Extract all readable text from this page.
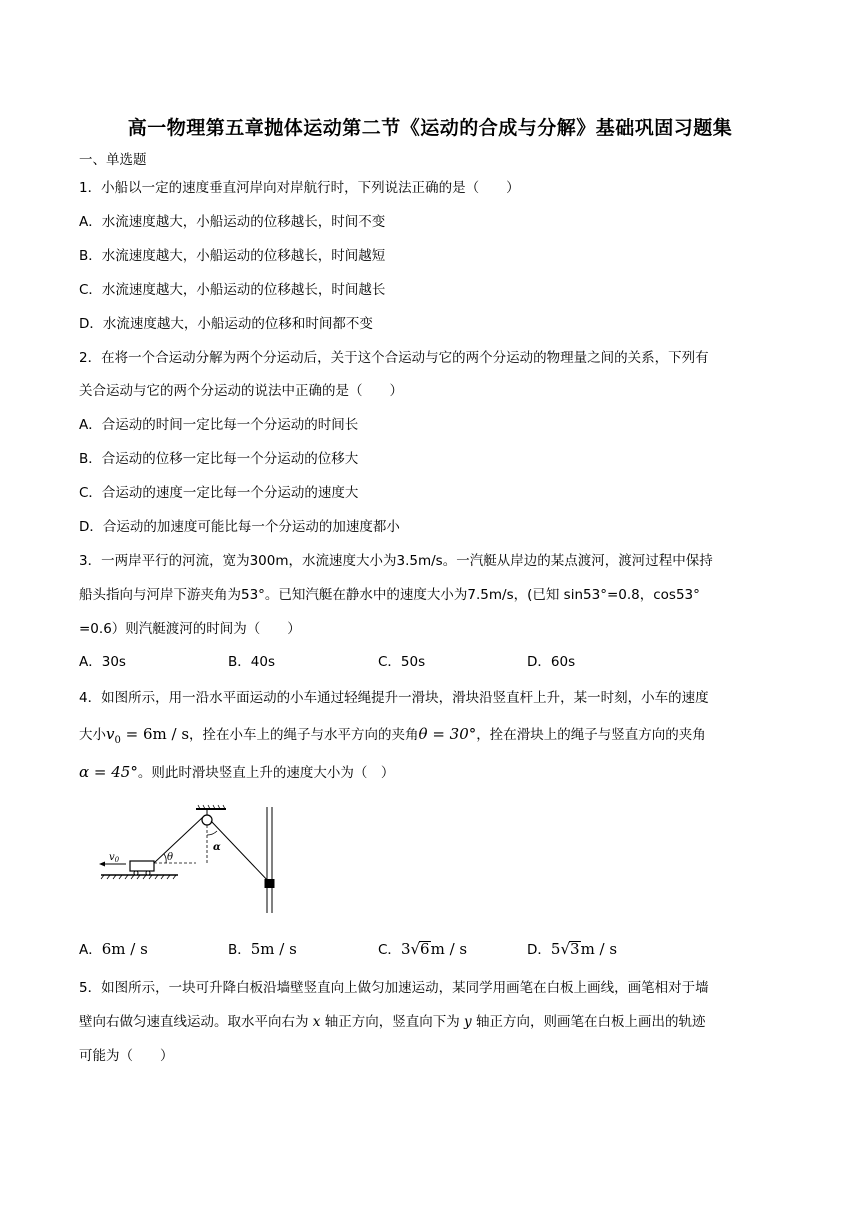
高一物理第五章抛体运动第二节《运动的合成与分解》基础巩固习题集
一、单选题
1．小船以一定的速度垂直河岸向对岸航行时，下列说法正确的是（　　）
A．水流速度越大，小船运动的位移越长，时间不变
B．水流速度越大，小船运动的位移越长，时间越短
C．水流速度越大，小船运动的位移越长，时间越长
D．水流速度越大，小船运动的位移和时间都不变
2．在将一个合运动分解为两个分运动后，关于这个合运动与它的两个分运动的物理量之间的关系，下列有
关合运动与它的两个分运动的说法中正确的是（　　）
A．合运动的时间一定比每一个分运动的时间长
B．合运动的位移一定比每一个分运动的位移大
C．合运动的速度一定比每一个分运动的速度大
D．合运动的加速度可能比每一个分运动的加速度都小
3．一两岸平行的河流，宽为300m，水流速度大小为3.5m/s。一汽艇从岸边的某点渡河，渡河过程中保持
船头指向与河岸下游夹角为53°。已知汽艇在静水中的速度大小为7.5m/s，(已知 sin53°=0.8，cos53°
=0.6）则汽艇渡河的时间为（　　）
A．30s	B．40s	C．50s	D．60s
4．如图所示，用一沿水平面运动的小车通过轻绳提升一滑块，滑块沿竖直杆上升，某一时刻，小车的速度
大小$v_0 = 6m / s$，拴在小车上的绳子与水平方向的夹角θ = 30°，拴在滑块上的绳子与竖直方向的夹角
α = 45°。则此时滑块竖直上升的速度大小为（　）
$v_0$	θ
α
A．6m / s	B．5m / s	C．3√6m / s	D．5√3m / s
5．如图所示，一块可升降白板沿墙壁竖直向上做匀加速运动，某同学用画笔在白板上画线，画笔相对于墙
壁向右做匀速直线运动。取水平向右为 x 轴正方向，竖直向下为 y 轴正方向，则画笔在白板上画出的轨迹
可能为（　　）
